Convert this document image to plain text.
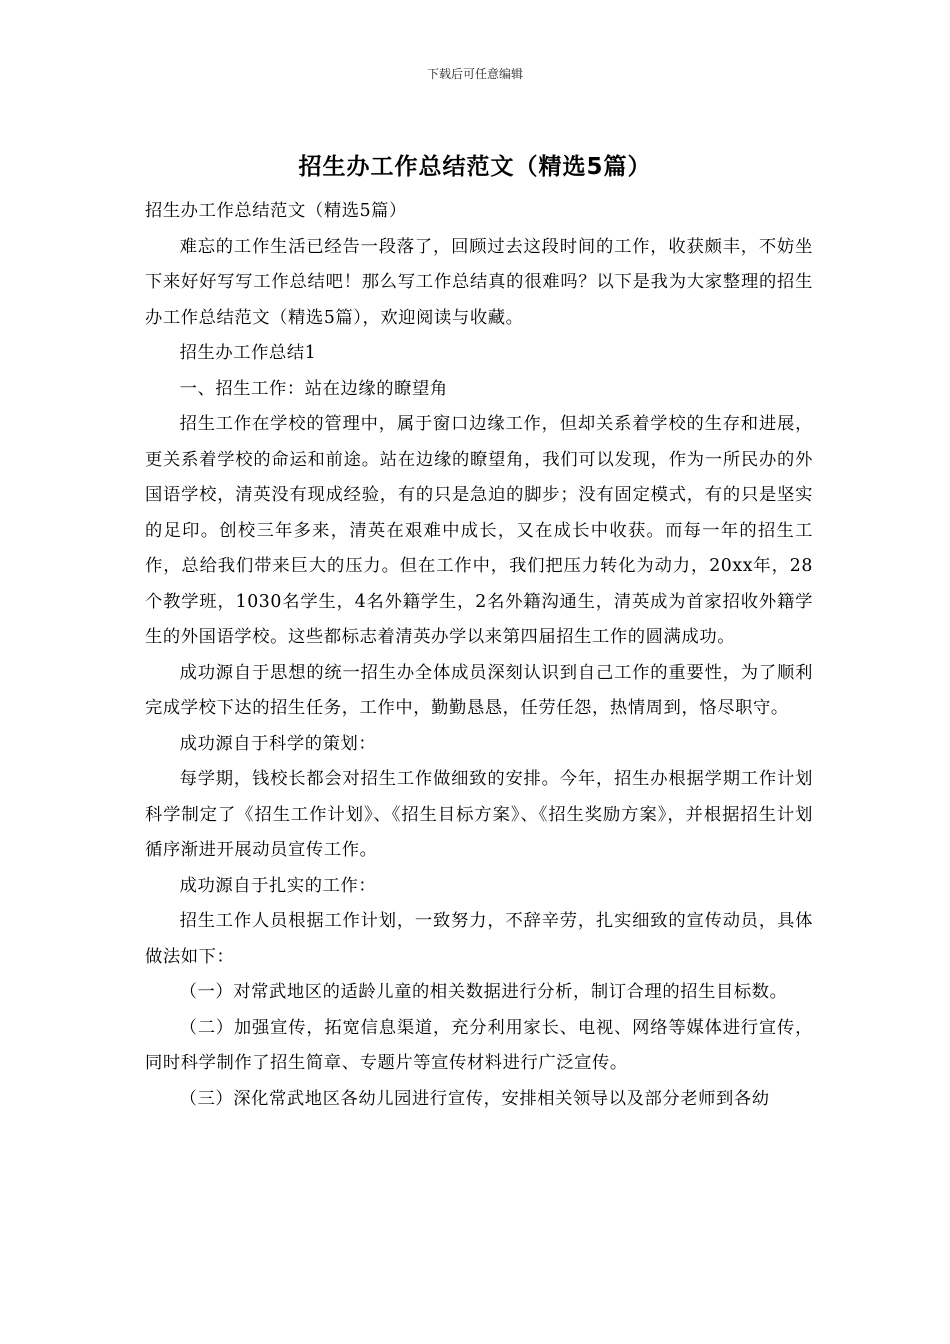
下载后可任意编辑
招生办工作总结范文（精选5篇）

招生办工作总结范文（精选5篇）

难忘的工作生活已经告一段落了，回顾过去这段时间的工作，收获颇丰，不妨坐下来好好写写工作总结吧！那么写工作总结真的很难吗？以下是我为大家整理的招生办工作总结范文（精选5篇），欢迎阅读与收藏。

招生办工作总结1

一、招生工作：站在边缘的瞭望角

招生工作在学校的管理中，属于窗口边缘工作，但却关系着学校的生存和进展，更关系着学校的命运和前途。站在边缘的瞭望角，我们可以发现，作为一所民办的外国语学校，清英没有现成经验，有的只是急迫的脚步；没有固定模式，有的只是坚实的足印。创校三年多来，清英在艰难中成长，又在成长中收获。而每一年的招生工作，总给我们带来巨大的压力。但在工作中，我们把压力转化为动力，20xx年，28个教学班，1030名学生，4名外籍学生，2名外籍沟通生，清英成为首家招收外籍学生的外国语学校。这些都标志着清英办学以来第四届招生工作的圆满成功。

成功源自于思想的统一招生办全体成员深刻认识到自己工作的重要性，为了顺利完成学校下达的招生任务，工作中，勤勤恳恳，任劳任怨，热情周到，恪尽职守。

成功源自于科学的策划：

每学期，钱校长都会对招生工作做细致的安排。今年，招生办根据学期工作计划科学制定了《招生工作计划》、《招生目标方案》、《招生奖励方案》，并根据招生计划循序渐进开展动员宣传工作。

成功源自于扎实的工作：

招生工作人员根据工作计划，一致努力，不辞辛劳，扎实细致的宣传动员，具体做法如下：

（一）对常武地区的适龄儿童的相关数据进行分析，制订合理的招生目标数。

（二）加强宣传，拓宽信息渠道，充分利用家长、电视、网络等媒体进行宣传，同时科学制作了招生简章、专题片等宣传材料进行广泛宣传。

（三）深化常武地区各幼儿园进行宣传，安排相关领导以及部分老师到各幼
